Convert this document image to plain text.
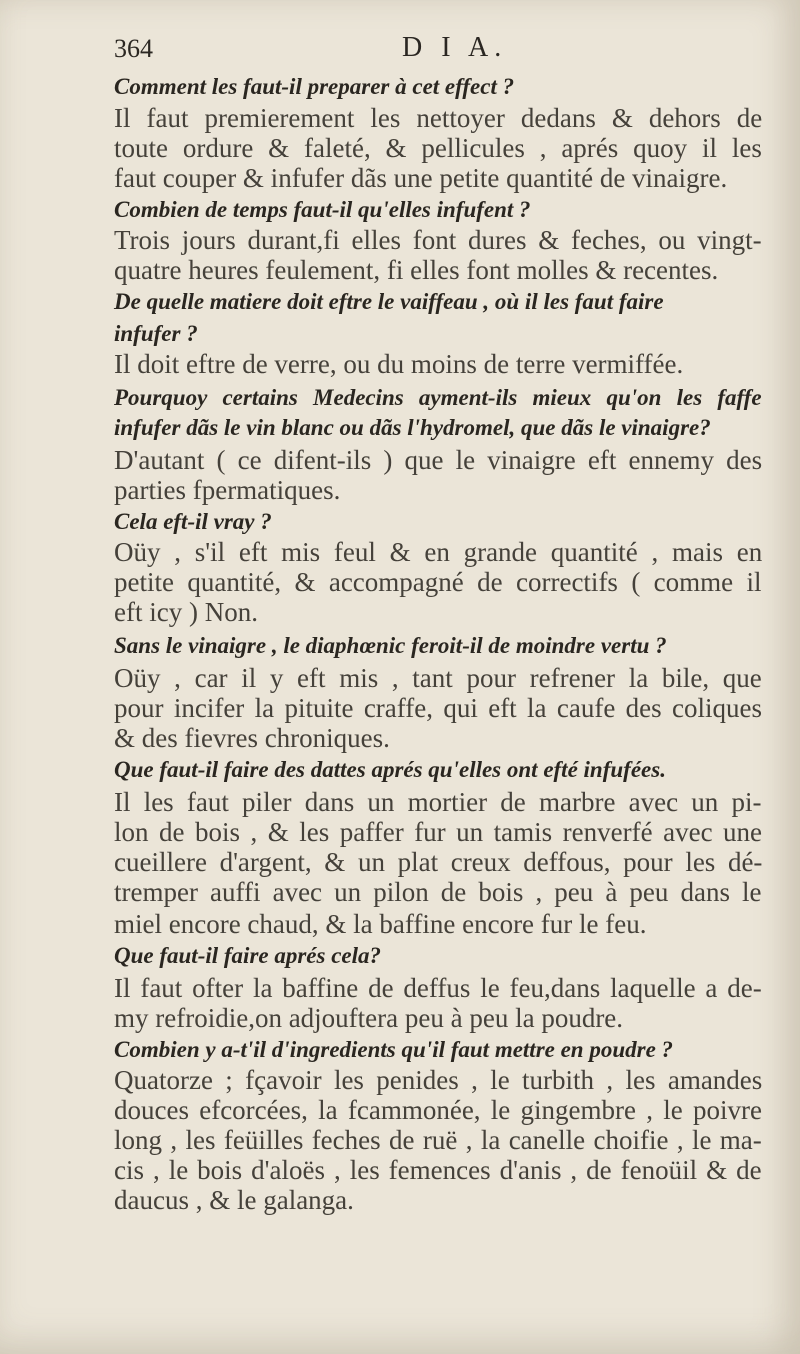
364	D I A.
Comment les faut-il preparer à cet effect ?
Il faut premierement les nettoyer dedans & dehors de
toute ordure & faleté, & pellicules , aprés quoy il les
faut couper & infufer dãs une petite quantité de vinaigre.
Combien de temps faut-il qu'elles infufent ?
Trois jours durant,fi elles font dures & feches, ou vingt-
quatre heures feulement, fi elles font molles & recentes.
De quelle matiere doit eftre le vaiffeau , où il les faut faire
infufer ?
Il doit eftre de verre, ou du moins de terre vermiffée.
Pourquoy certains Medecins ayment-ils mieux qu'on les faffe
infufer dãs le vin blanc ou dãs l'hydromel, que dãs le vinaigre?
D'autant ( ce difent-ils ) que le vinaigre eft ennemy des
parties fpermatiques.
Cela eft-il vray ?
Oüy , s'il eft mis feul & en grande quantité , mais en
petite quantité, & accompagné de correctifs ( comme il
eft icy ) Non.
Sans le vinaigre , le diaphœnic feroit-il de moindre vertu ?
Oüy , car il y eft mis , tant pour refrener la bile, que
pour incifer la pituite craffe, qui eft la caufe des coliques
& des fievres chroniques.
Que faut-il faire des dattes aprés qu'elles ont efté infufées.
Il les faut piler dans un mortier de marbre avec un pi-
lon de bois , & les paffer fur un tamis renverfé avec une
cueillere d'argent, & un plat creux deffous, pour les dé-
tremper auffi avec un pilon de bois , peu à peu dans le
miel encore chaud, & la baffine encore fur le feu.
Que faut-il faire aprés cela?
Il faut ofter la baffine de deffus le feu,dans laquelle a de-
my refroidie,on adjouftera peu à peu la poudre.
Combien y a-t'il d'ingredients qu'il faut mettre en poudre ?
Quatorze ; fçavoir les penides , le turbith , les amandes
douces efcorcées, la fcammonée, le gingembre , le poivre
long , les feüilles feches de ruë , la canelle choifie , le ma-
cis , le bois d'aloës , les femences d'anis , de fenoüil & de
daucus , & le galanga.
